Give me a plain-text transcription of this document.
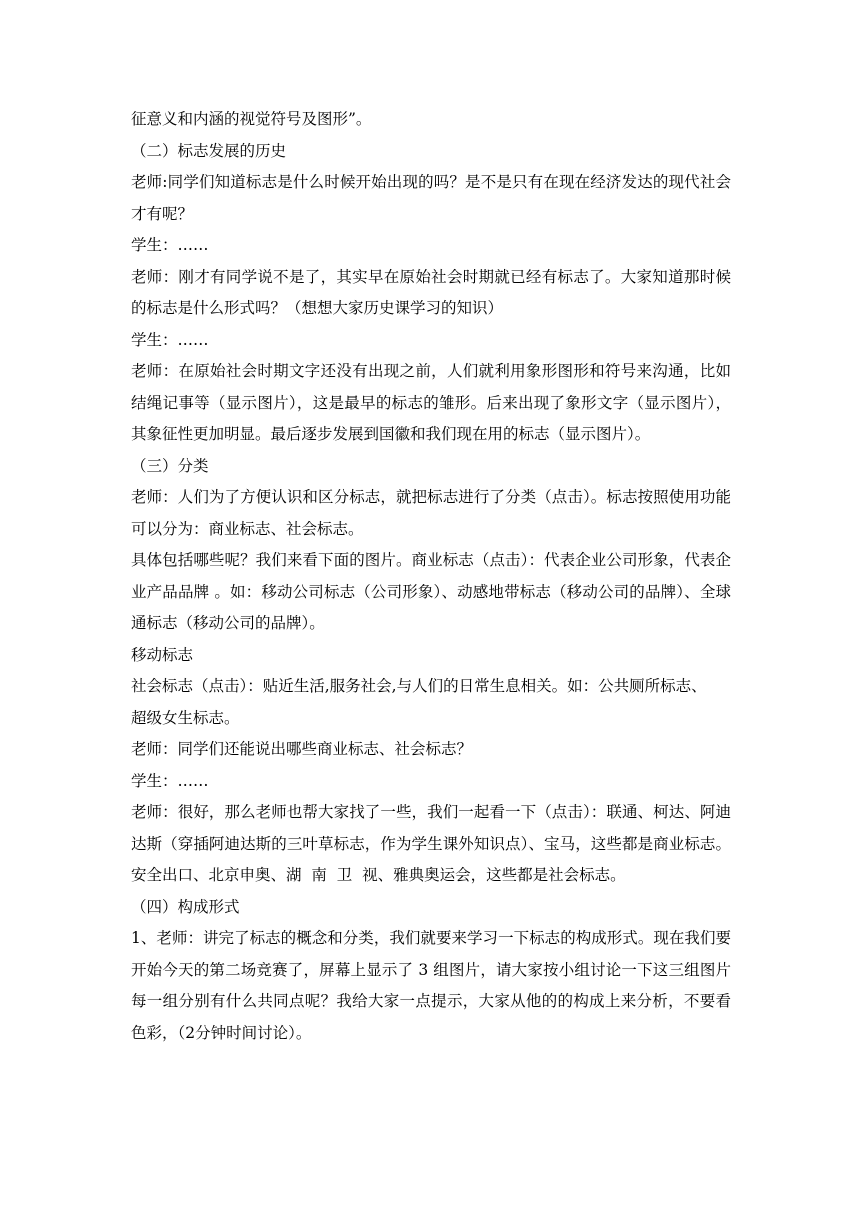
征意义和内涵的视觉符号及图形”。

（二）标志发展的历史

老师:同学们知道标志是什么时候开始出现的吗？是不是只有在现在经济发达的现代社会才有呢？

学生：……

老师：刚才有同学说不是了，其实早在原始社会时期就已经有标志了。大家知道那时候的标志是什么形式吗？（想想大家历史课学习的知识）

学生：……

老师：在原始社会时期文字还没有出现之前，人们就利用象形图形和符号来沟通，比如结绳记事等（显示图片），这是最早的标志的雏形。后来出现了象形文字（显示图片），其象征性更加明显。最后逐步发展到国徽和我们现在用的标志（显示图片）。

（三）分类

老师：人们为了方便认识和区分标志，就把标志进行了分类（点击）。标志按照使用功能可以分为：商业标志、社会标志。

具体包括哪些呢？我们来看下面的图片。商业标志（点击）：代表企业公司形象，代表企业产品品牌 。如：移动公司标志（公司形象）、动感地带标志（移动公司的品牌）、全球通标志（移动公司的品牌）。

移动标志

社会标志（点击）：贴近生活,服务社会,与人们的日常生息相关。如：公共厕所标志、

超级女生标志。

老师：同学们还能说出哪些商业标志、社会标志？

学生：……

老师：很好，那么老师也帮大家找了一些，我们一起看一下（点击）：联通、柯达、阿迪达斯（穿插阿迪达斯的三叶草标志，作为学生课外知识点）、宝马，这些都是商业标志。安全出口、北京申奥、湖  南  卫  视、雅典奥运会，这些都是社会标志。

（四）构成形式

1、老师：讲完了标志的概念和分类，我们就要来学习一下标志的构成形式。现在我们要开始今天的第二场竞赛了，屏幕上显示了 3 组图片，请大家按小组讨论一下这三组图片每一组分别有什么共同点呢？我给大家一点提示，大家从他的的构成上来分析，不要看色彩，（2分钟时间讨论）。
